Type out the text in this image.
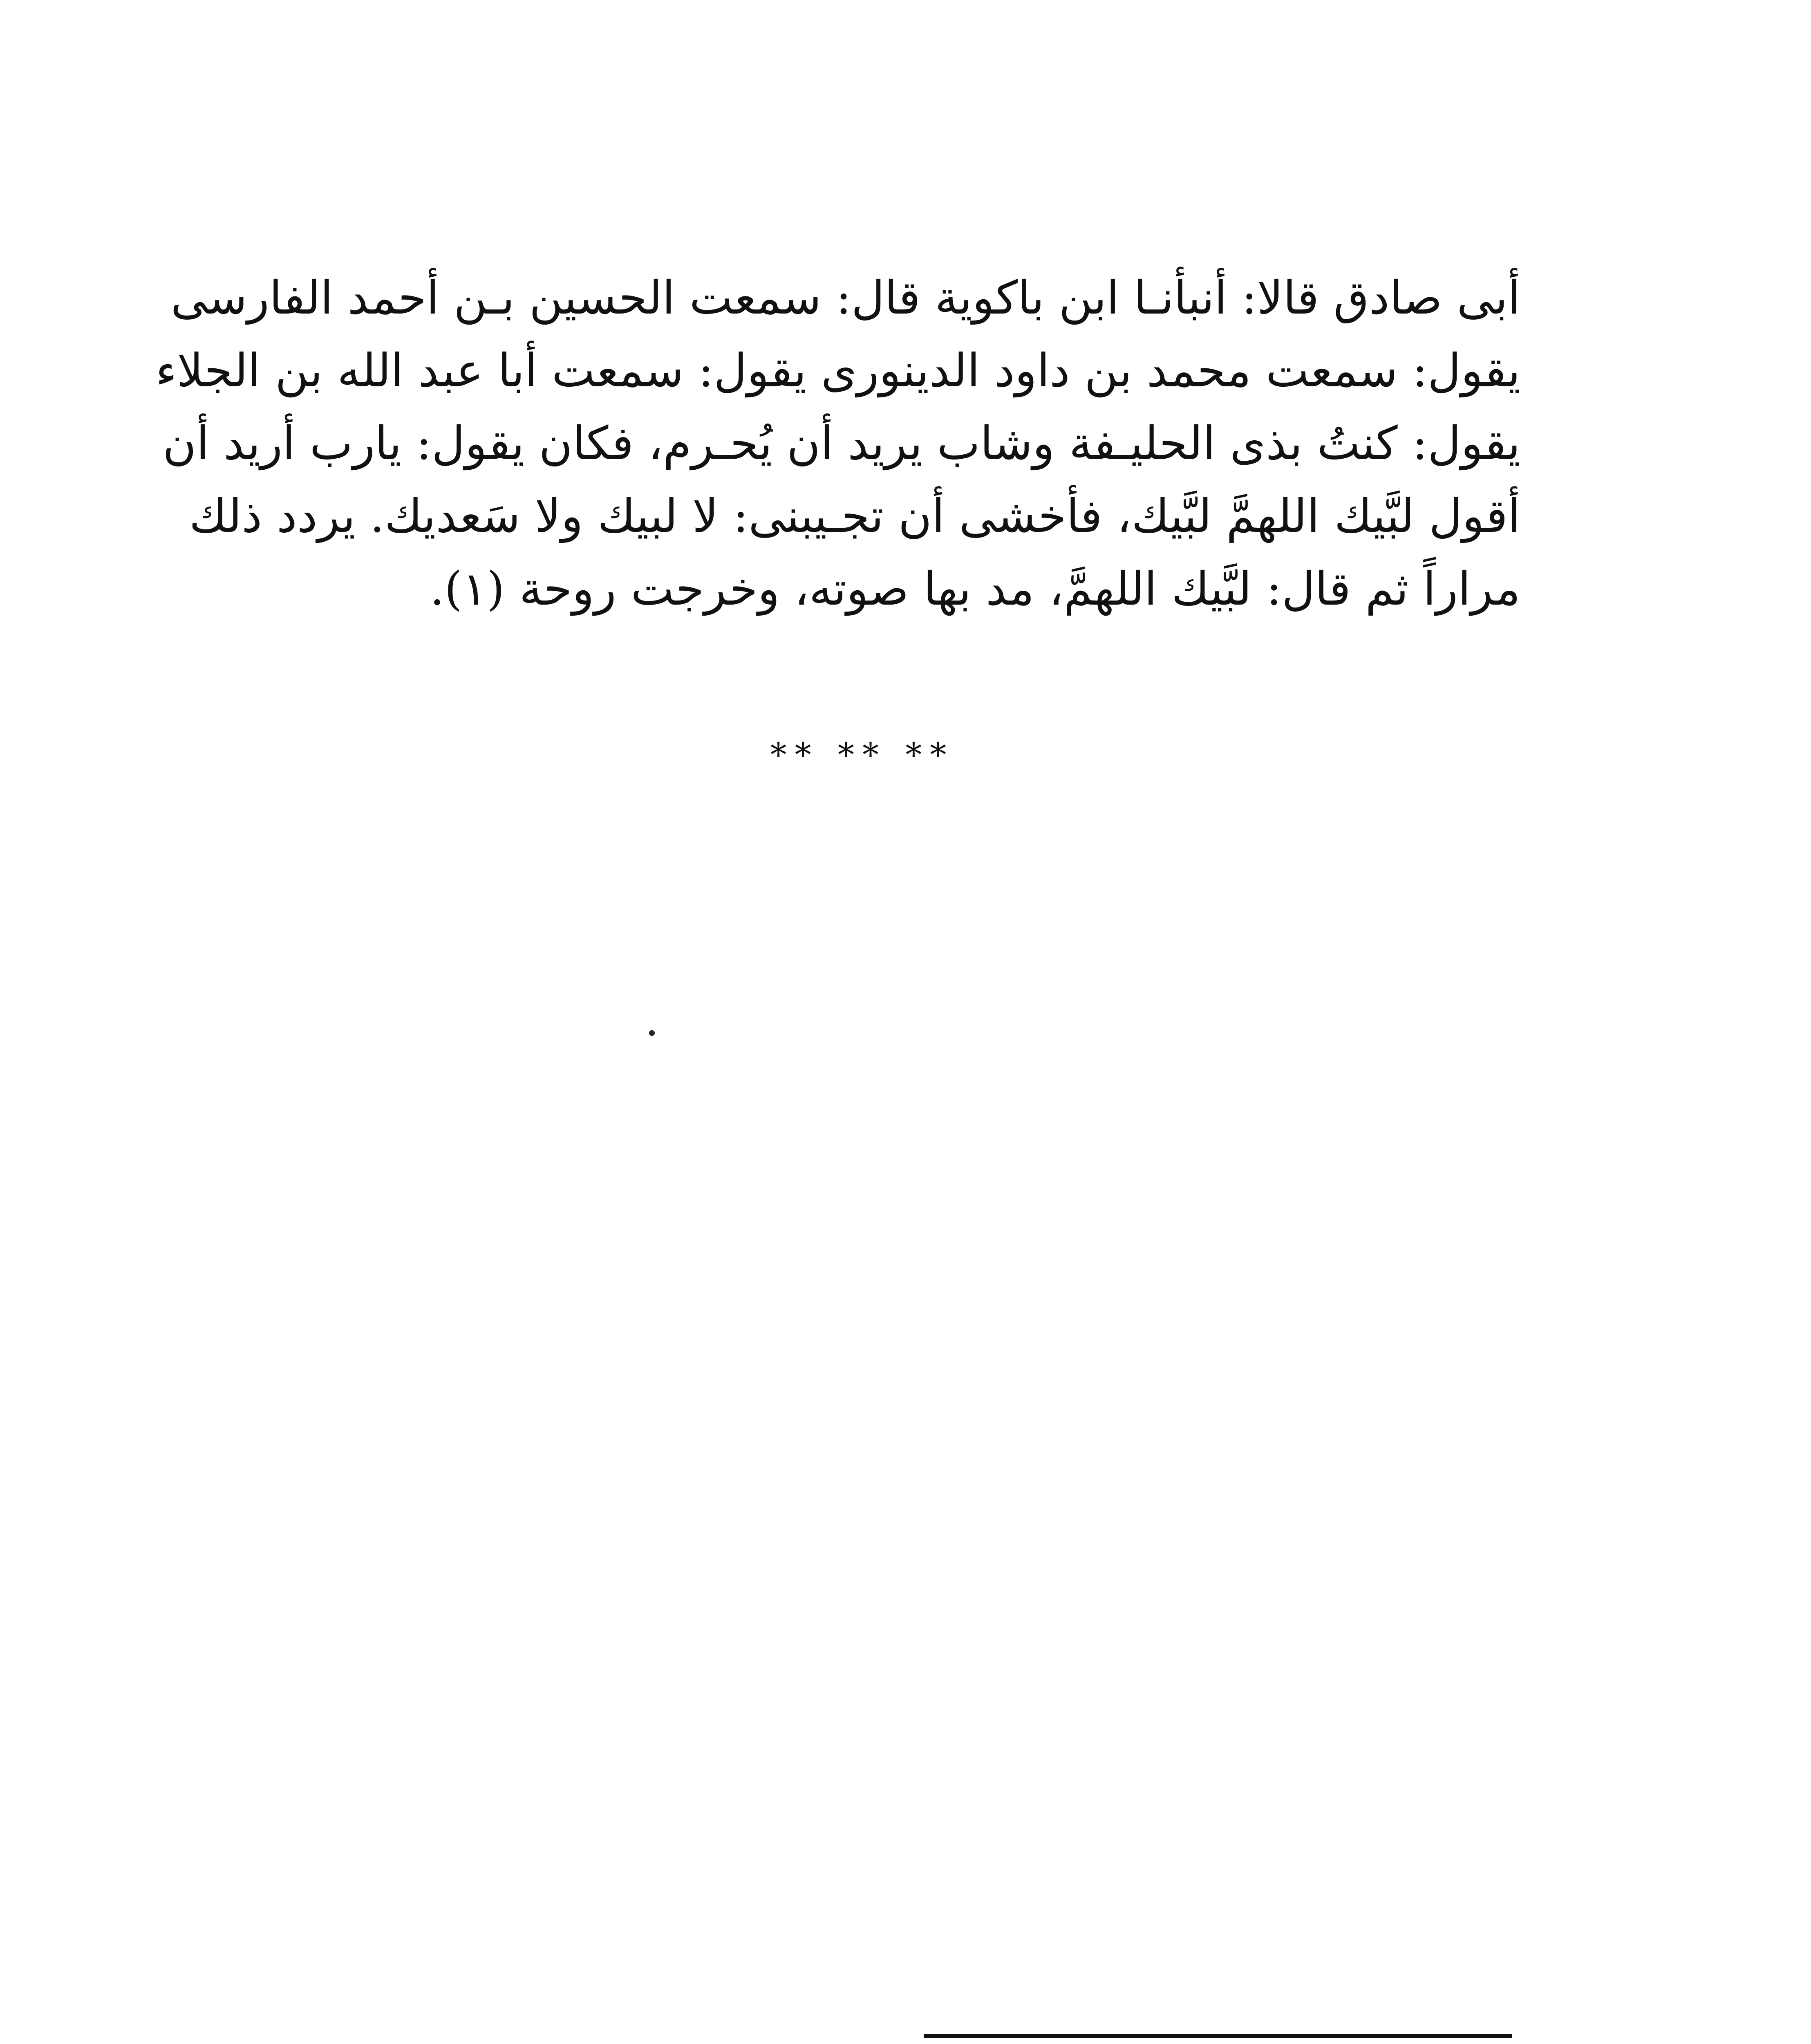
أبى صادق قالا: أنبأنـا ابن باكوية قال: سمعت الحسين بـن أحمد الفارسى
يقول: سمعت محمد بن داود الدينورى يقول: سمعت أبا عبد الله بن الجلاء
يقول: كنتُ بذى الحليـفة وشاب يريد أن يُحـرم، فكان يقول: يارب أريد أن
أقول لبَّيك اللهمَّ لبَّيك، فأخشى أن تجـيبنى: لا لبيك ولا سَعديك. يردد ذلك
مراراً ثم قال: لبَّيك اللهمَّ، مد بها صوته، وخرجت روحة (١).
** ** **
